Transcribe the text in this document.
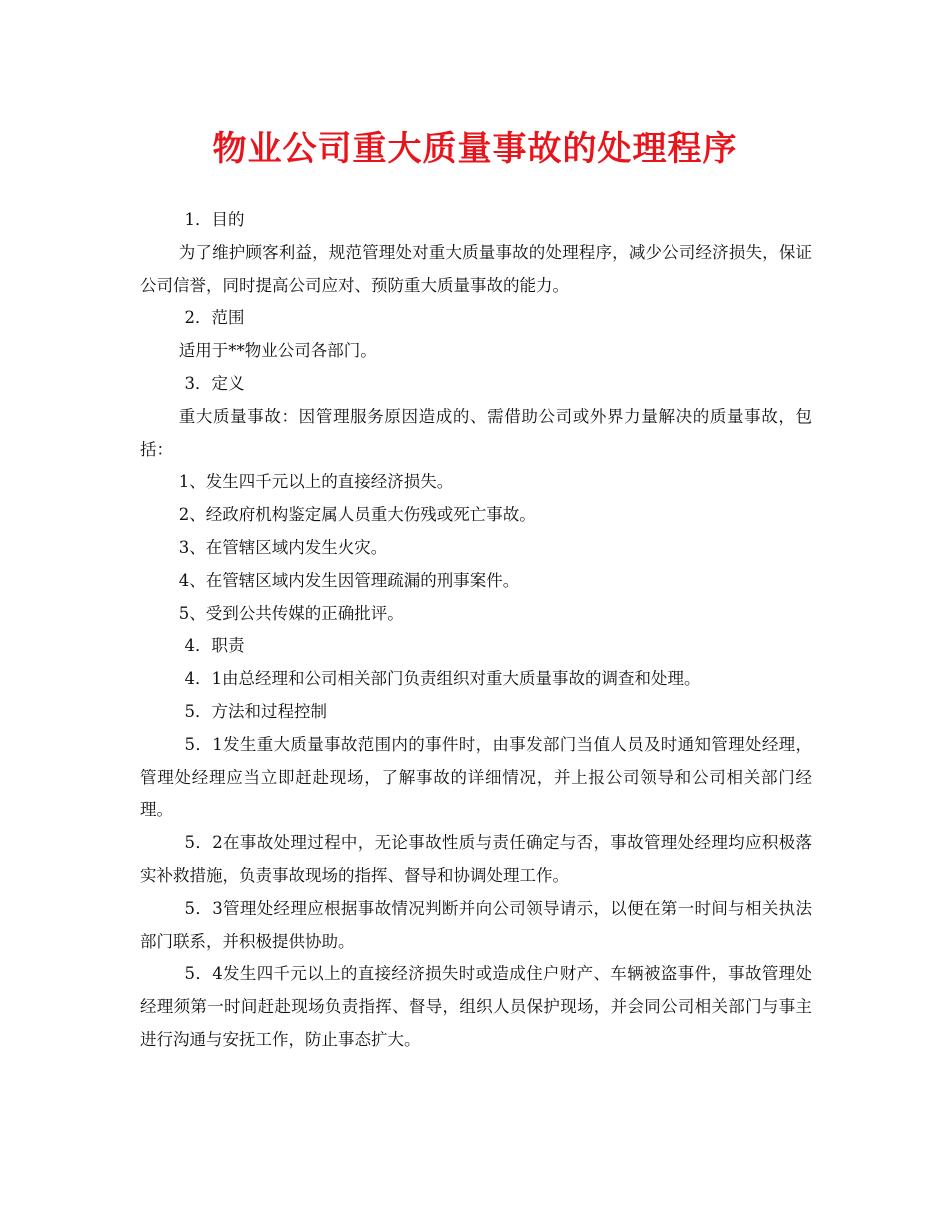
物业公司重大质量事故的处理程序

1．目的

为了维护顾客利益，规范管理处对重大质量事故的处理程序，减少公司经济损失，保证公司信誉，同时提高公司应对、预防重大质量事故的能力。

2．范围

适用于**物业公司各部门。

3．定义

重大质量事故：因管理服务原因造成的、需借助公司或外界力量解决的质量事故，包括：

1、发生四千元以上的直接经济损失。

2、经政府机构鉴定属人员重大伤残或死亡事故。

3、在管辖区域内发生火灾。

4、在管辖区域内发生因管理疏漏的刑事案件。

5、受到公共传媒的正确批评。

4．职责

4．1由总经理和公司相关部门负责组织对重大质量事故的调查和处理。

5．方法和过程控制

5．1发生重大质量事故范围内的事件时，由事发部门当值人员及时通知管理处经理，管理处经理应当立即赶赴现场，了解事故的详细情况，并上报公司领导和公司相关部门经理。

5．2在事故处理过程中，无论事故性质与责任确定与否，事故管理处经理均应积极落实补救措施，负责事故现场的指挥、督导和协调处理工作。

5．3管理处经理应根据事故情况判断并向公司领导请示，以便在第一时间与相关执法部门联系，并积极提供协助。

5．4发生四千元以上的直接经济损失时或造成住户财产、车辆被盗事件，事故管理处经理须第一时间赶赴现场负责指挥、督导，组织人员保护现场，并会同公司相关部门与事主进行沟通与安抚工作，防止事态扩大。
